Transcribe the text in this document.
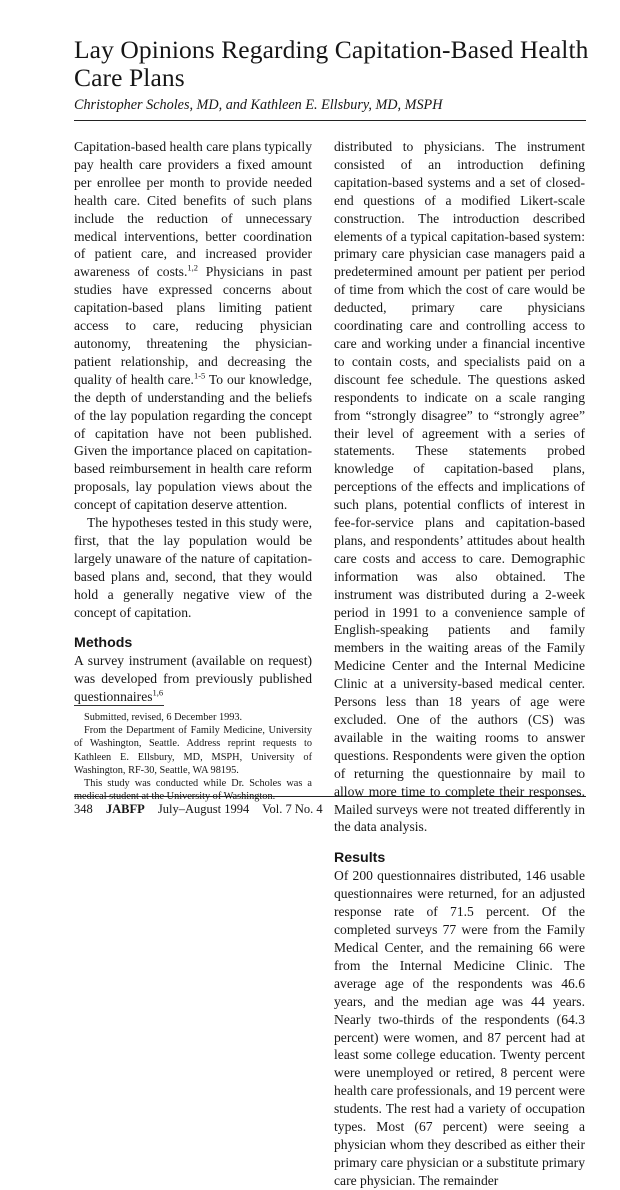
Lay Opinions Regarding Capitation-Based Health Care Plans

Christopher Scholes, MD, and Kathleen E. Ellsbury, MD, MSPH

Capitation-based health care plans typically pay health care providers a fixed amount per enrollee per month to provide needed health care. Cited benefits of such plans include the reduction of unnecessary medical interventions, better coordination of patient care, and increased provider awareness of costs.$^{1,2}$ Physicians in past studies have expressed concerns about capitation-based plans limiting patient access to care, reducing physician autonomy, threatening the physician-patient relationship, and decreasing the quality of health care.$^{1-5}$ To our knowledge, the depth of understanding and the beliefs of the lay population regarding the concept of capitation have not been published. Given the importance placed on capitation-based reimbursement in health care reform proposals, lay population views about the concept of capitation deserve attention.

The hypotheses tested in this study were, first, that the lay population would be largely unaware of the nature of capitation-based plans and, second, that they would hold a generally negative view of the concept of capitation.

Methods

A survey instrument (available on request) was developed from previously published questionnaires$^{1,6}$

distributed to physicians. The instrument consisted of an introduction defining capitation-based systems and a set of closed-end questions of a modified Likert-scale construction. The introduction described elements of a typical capitation-based system: primary care physician case managers paid a predetermined amount per patient per period of time from which the cost of care would be deducted, primary care physicians coordinating care and controlling access to care and working under a financial incentive to contain costs, and specialists paid on a discount fee schedule. The questions asked respondents to indicate on a scale ranging from “strongly disagree” to “strongly agree” their level of agreement with a series of statements. These statements probed knowledge of capitation-based plans, perceptions of the effects and implications of such plans, potential conflicts of interest in fee-for-service plans and capitation-based plans, and respondents’ attitudes about health care costs and access to care. Demographic information was also obtained. The instrument was distributed during a 2-week period in 1991 to a convenience sample of English-speaking patients and family members in the waiting areas of the Family Medicine Center and the Internal Medicine Clinic at a university-based medical center. Persons less than 18 years of age were excluded. One of the authors (CS) was available in the waiting rooms to answer questions. Respondents were given the option of returning the questionnaire by mail to allow more time to complete their responses. Mailed surveys were not treated differently in the data analysis.

Results

Of 200 questionnaires distributed, 146 usable questionnaires were returned, for an adjusted response rate of 71.5 percent. Of the completed surveys 77 were from the Family Medical Center, and the remaining 66 were from the Internal Medicine Clinic. The average age of the respondents was 46.6 years, and the median age was 44 years. Nearly two-thirds of the respondents (64.3 percent) were women, and 87 percent had at least some college education. Twenty percent were unemployed or retired, 8 percent were health care professionals, and 19 percent were students. The rest had a variety of occupation types. Most (67 percent) were seeing a physician whom they described as either their primary care physician or a substitute primary care physician. The remainder

Submitted, revised, 6 December 1993.

From the Department of Family Medicine, University of Washington, Seattle. Address reprint requests to Kathleen E. Ellsbury, MD, MSPH, University of Washington, RF-30, Seattle, WA 98195.

This study was conducted while Dr. Scholes was a medical student at the University of Washington.

348 JABFP July–August 1994 Vol. 7 No. 4
